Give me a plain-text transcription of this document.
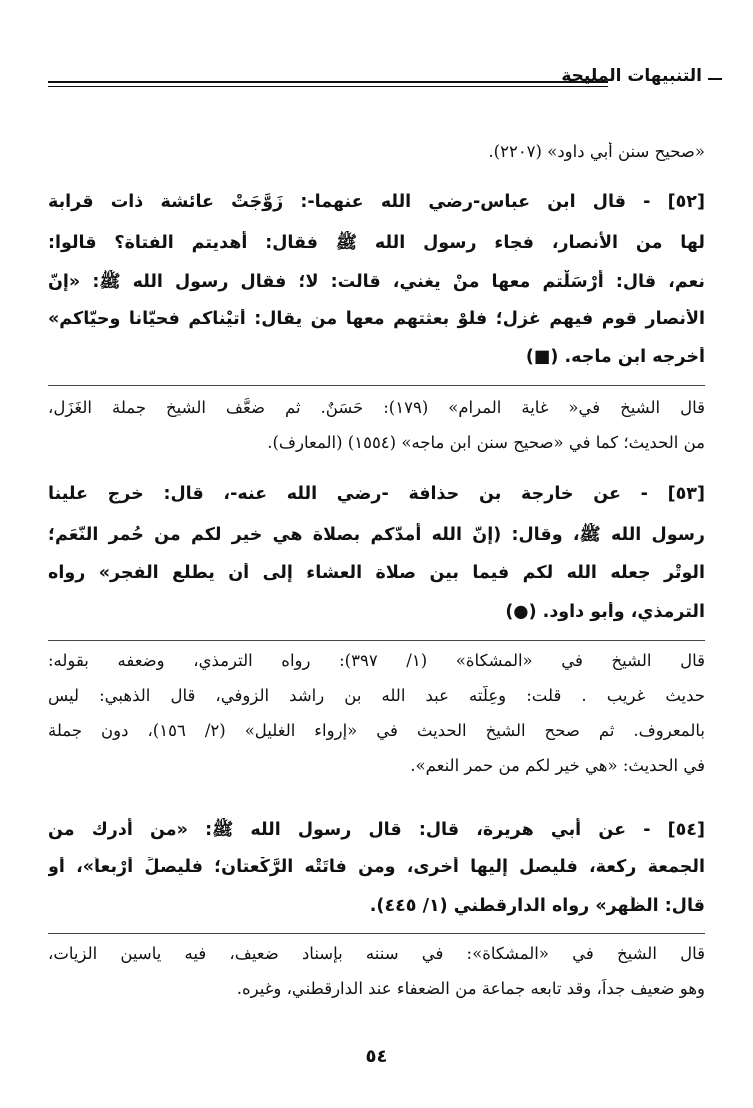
التنبيهات المليحة
«صحيح سنن أبي داود» (٢٢٠٧).
[٥٢] - قال ابن عباس-رضي الله عنهما-: زَوَّجَتْ عائشة ذات قرابة
لها من الأنصار، فجاء رسول الله ﷺ فقال: أهديتم الفتاة؟ قالوا:
نعم، قال: أَرْسَلْتم معها منْ يغني، قالت: لا؛ فقال رسول الله ﷺ: «إنّ
الأنصار قوم فيهم غزل؛ فلوْ بعثتهم معها من يقال: أتيْناكم فحيّانا وحيّاكم»
أخرجه ابن ماجه. (■)
قال الشيخ في« غاية المرام» (١٧٩): حَسَنٌ. ثم ضعَّف الشيخ جملة الغَزَل،
من الحديث؛ كما في «صحيح سنن ابن ماجه» (١٥٥٤) (المعارف).
[٥٣] - عن خارجة بن حذافة -رضي الله عنه-، قال: خرج علينا
رسول الله ﷺ، وقال: (إنّ الله أمدّكم بصلاة هي خير لكم من حُمر النّعَم؛
الوتْر جعله الله لكم فيما بين صلاة العشاء إلى أن يطلع الفجر» رواه
الترمذي، وأبو داود. (●)
قال الشيخ في «المشكاة» (١/ ٣٩٧): رواه الترمذي، وضعفه بقوله:
حديث غريب . قلت: وعِلّته عبد الله بن راشد الزوفي، قال الذهبي: ليس
بالمعروف. ثم صحح الشيخ الحديث في «إرواء الغليل» (٢/ ١٥٦)، دون جملة
في الحديث: «هي خير لكم من حمر النعم».
[٥٤] - عن أبي هريرة، قال: قال رسول الله ﷺ: «من أدرك من
الجمعة ركعة، فليصل إليها أخرى، ومن فاتَتْه الرَّكْعتان؛ فليصلِّ أَرْبعاً»، أو
قال: الظُّهر» رواه الدارقطني (١/ ٤٤٥).
قال الشيخ في «المشكاة»: في سننه بإسناد ضعيف، فيه ياسين الزيات،
وهو ضعيف جداً، وقد تابعه جماعة من الضعفاء عند الدارقطني، وغيره.
٥٤
